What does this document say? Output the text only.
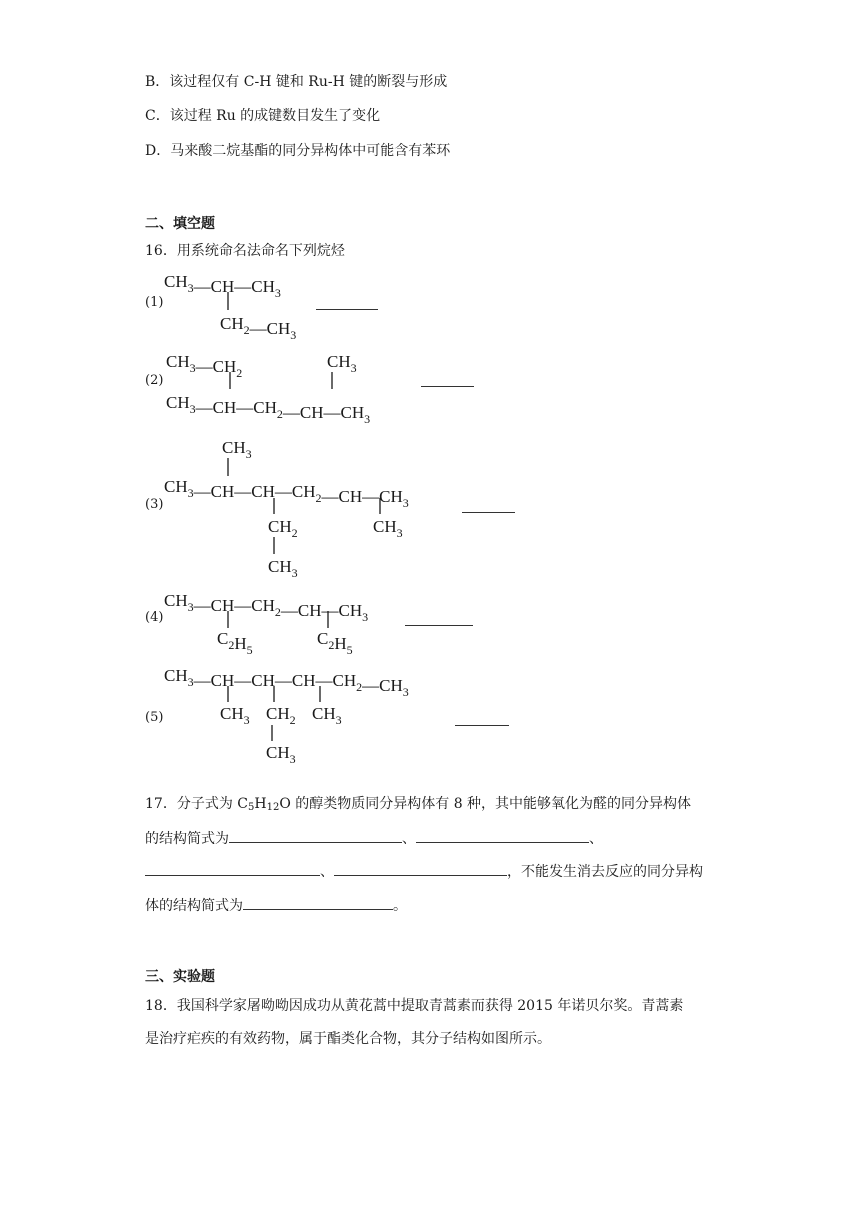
B．该过程仅有 C-H 键和 Ru-H 键的断裂与形成
C．该过程 Ru 的成键数目发生了变化
D．马来酸二烷基酯的同分异构体中可能含有苯环
二、填空题
16．用系统命名法命名下列烷烃
(1)
$CH_3—CH—CH_3$
$CH_2—CH_3$
(2)
$CH_3—CH_2$
$CH_3$
$CH_3—CH—CH_2—CH—CH_3$
(3)
$CH_3$
$CH_3—CH—CH—CH_2—CH—CH_3$
$CH_2$
$CH_3$
$CH_3$
(4)
$CH_3—CH—CH_2—CH—CH_3$
$C_2H_5$
$C_2H_5$
(5)
$CH_3—CH—CH—CH—CH_2—CH_3$
$CH_3$ $CH_2$ $CH_3$
$CH_3$
17．分子式为 $C_5H_{12}O$ 的醇类物质同分异构体有 8 种，其中能够氧化为醛的同分异构体
的结构简式为	、	、
、	，不能发生消去反应的同分异构
体的结构简式为	。
三、实验题
18．我国科学家屠呦呦因成功从黄花蒿中提取青蒿素而获得 2015 年诺贝尔奖。青蒿素
是治疗疟疾的有效药物，属于酯类化合物，其分子结构如图所示。
